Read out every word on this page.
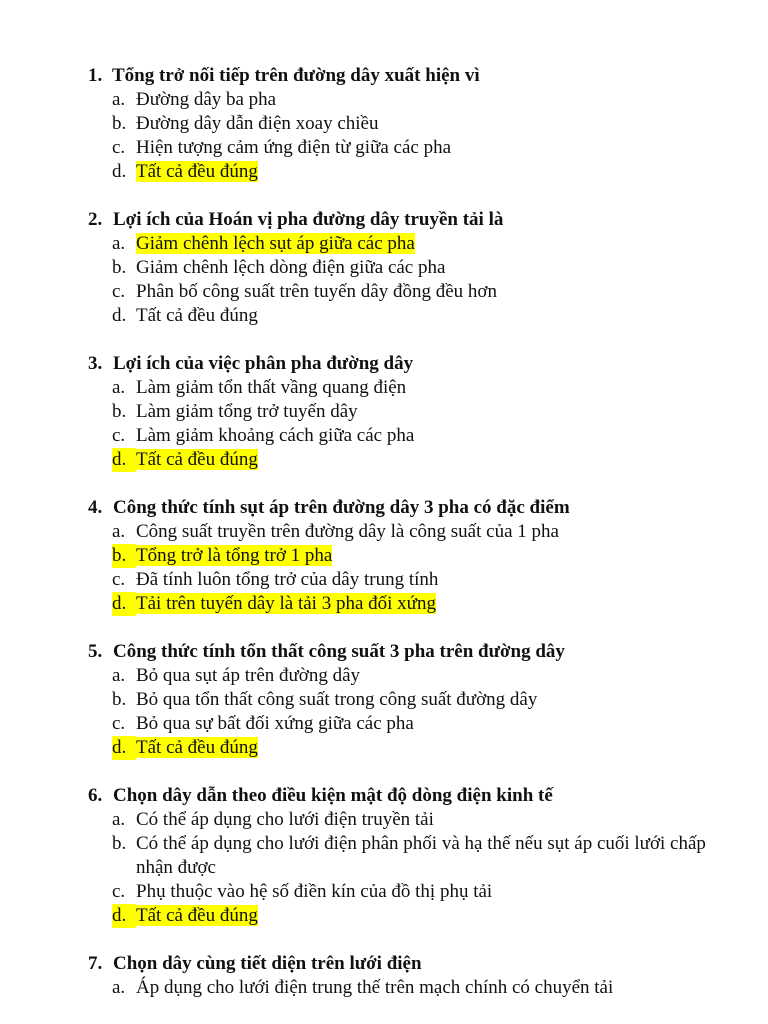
1. Tổng trở nối tiếp trên đường dây xuất hiện vì
a. Đường dây ba pha
b. Đường dây dẫn điện xoay chiều
c. Hiện tượng cảm ứng điện từ giữa các pha
d. Tất cả đều đúng
2. Lợi ích của Hoán vị pha đường dây truyền tải là
a. Giảm chênh lệch sụt áp giữa các pha
b. Giảm chênh lệch dòng điện giữa các pha
c. Phân bố công suất trên tuyến dây đồng đều hơn
d. Tất cả đều đúng
3. Lợi ích của việc phân pha đường dây
a. Làm giảm tổn thất vầng quang điện
b. Làm giảm tổng trở tuyến dây
c. Làm giảm khoảng cách giữa các pha
d. Tất cả đều đúng
4. Công thức tính sụt áp trên đường dây 3 pha có đặc điểm
a. Công suất truyền trên đường dây là công suất của 1 pha
b. Tổng trở là tổng trở 1 pha
c. Đã tính luôn tổng trở của dây trung tính
d. Tải trên tuyến dây là tải 3 pha đối xứng
5. Công thức tính tổn thất công suất 3 pha trên đường dây
a. Bỏ qua sụt áp trên đường dây
b. Bỏ qua tổn thất công suất trong công suất đường dây
c. Bỏ qua sự bất đối xứng giữa các pha
d. Tất cả đều đúng
6. Chọn dây dẫn theo điều kiện mật độ dòng điện kinh tế
a. Có thể áp dụng cho lưới điện truyền tải
b. Có thể áp dụng cho lưới điện phân phối và hạ thế nếu sụt áp cuối lưới chấp nhận được
c. Phụ thuộc vào hệ số điền kín của đồ thị phụ tải
d. Tất cả đều đúng
7. Chọn dây cùng tiết diện trên lưới điện
a. Áp dụng cho lưới điện trung thế trên mạch chính có chuyển tải
